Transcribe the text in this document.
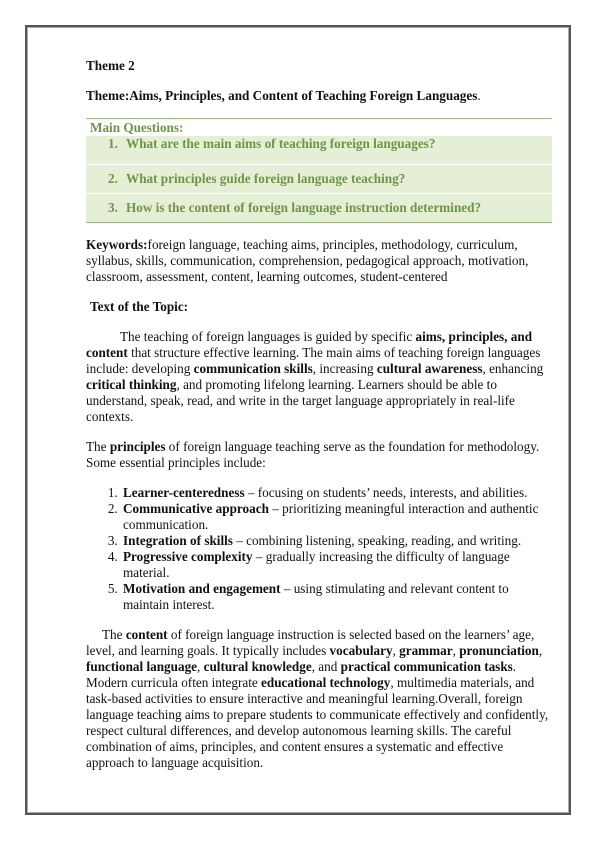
Theme 2
Theme:Aims, Principles, and Content of Teaching Foreign Languages.
Main Questions:
1. What are the main aims of teaching foreign languages?
2. What principles guide foreign language teaching?
3. How is the content of foreign language instruction determined?

Keywords:foreign language, teaching aims, principles, methodology, curriculum, syllabus, skills, communication, comprehension, pedagogical approach, motivation, classroom, assessment, content, learning outcomes, student-centered

Text of the Topic:

The teaching of foreign languages is guided by specific aims, principles, and content that structure effective learning. The main aims of teaching foreign languages include: developing communication skills, increasing cultural awareness, enhancing critical thinking, and promoting lifelong learning. Learners should be able to understand, speak, read, and write in the target language appropriately in real-life contexts.

The principles of foreign language teaching serve as the foundation for methodology. Some essential principles include:

1. Learner-centeredness – focusing on students’ needs, interests, and abilities.
2. Communicative approach – prioritizing meaningful interaction and authentic communication.
3. Integration of skills – combining listening, speaking, reading, and writing.
4. Progressive complexity – gradually increasing the difficulty of language material.
5. Motivation and engagement – using stimulating and relevant content to maintain interest.

The content of foreign language instruction is selected based on the learners’ age, level, and learning goals. It typically includes vocabulary, grammar, pronunciation, functional language, cultural knowledge, and practical communication tasks. Modern curricula often integrate educational technology, multimedia materials, and task-based activities to ensure interactive and meaningful learning.Overall, foreign language teaching aims to prepare students to communicate effectively and confidently, respect cultural differences, and develop autonomous learning skills. The careful combination of aims, principles, and content ensures a systematic and effective approach to language acquisition.
